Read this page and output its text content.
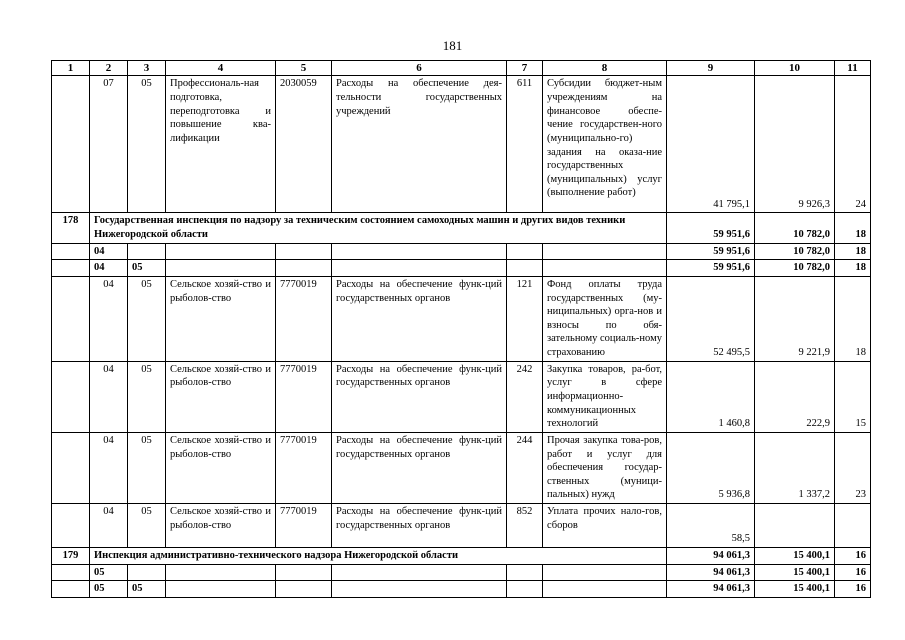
181
1	2	3	4	5	6	7	8	9	10	11
	07	05	Профессиональ-ная подготовка, переподготовка и повышение ква-лификации	2030059	Расходы на обеспечение дея-тельности государственных учреждений	611	Субсидии бюджет-ным учреждениям на финансовое обеспе-чение государствен-ного (муниципально-го) задания на оказа-ние государственных (муниципальных) услуг (выполнение работ)	41 795,1	9 926,3	24
178	Государственная инспекция по надзору за техническим состоянием самоходных машин и других видов техники Нижегородской области							59 951,6	10 782,0	18
	04							59 951,6	10 782,0	18
	04	05						59 951,6	10 782,0	18
	04	05	Сельское хозяй-ство и рыболов-ство	7770019	Расходы на обеспечение функ-ций государственных органов	121	Фонд оплаты труда государственных (му-ниципальных) орга-нов и взносы по обя-зательному социаль-ному страхованию	52 495,5	9 221,9	18
	04	05	Сельское хозяй-ство и рыболов-ство	7770019	Расходы на обеспечение функ-ций государственных органов	242	Закупка товаров, ра-бот, услуг в сфере информационно-коммуникационных технологий	1 460,8	222,9	15
	04	05	Сельское хозяй-ство и рыболов-ство	7770019	Расходы на обеспечение функ-ций государственных органов	244	Прочая закупка това-ров, работ и услуг для обеспечения государ-ственных (муници-пальных) нужд	5 936,8	1 337,2	23
	04	05	Сельское хозяй-ство и рыболов-ство	7770019	Расходы на обеспечение функ-ций государственных органов	852	Уплата прочих нало-гов, сборов	58,5		
179	Инспекция административно-технического надзора Нижегородской области							94 061,3	15 400,1	16
	05							94 061,3	15 400,1	16
	05	05						94 061,3	15 400,1	16
